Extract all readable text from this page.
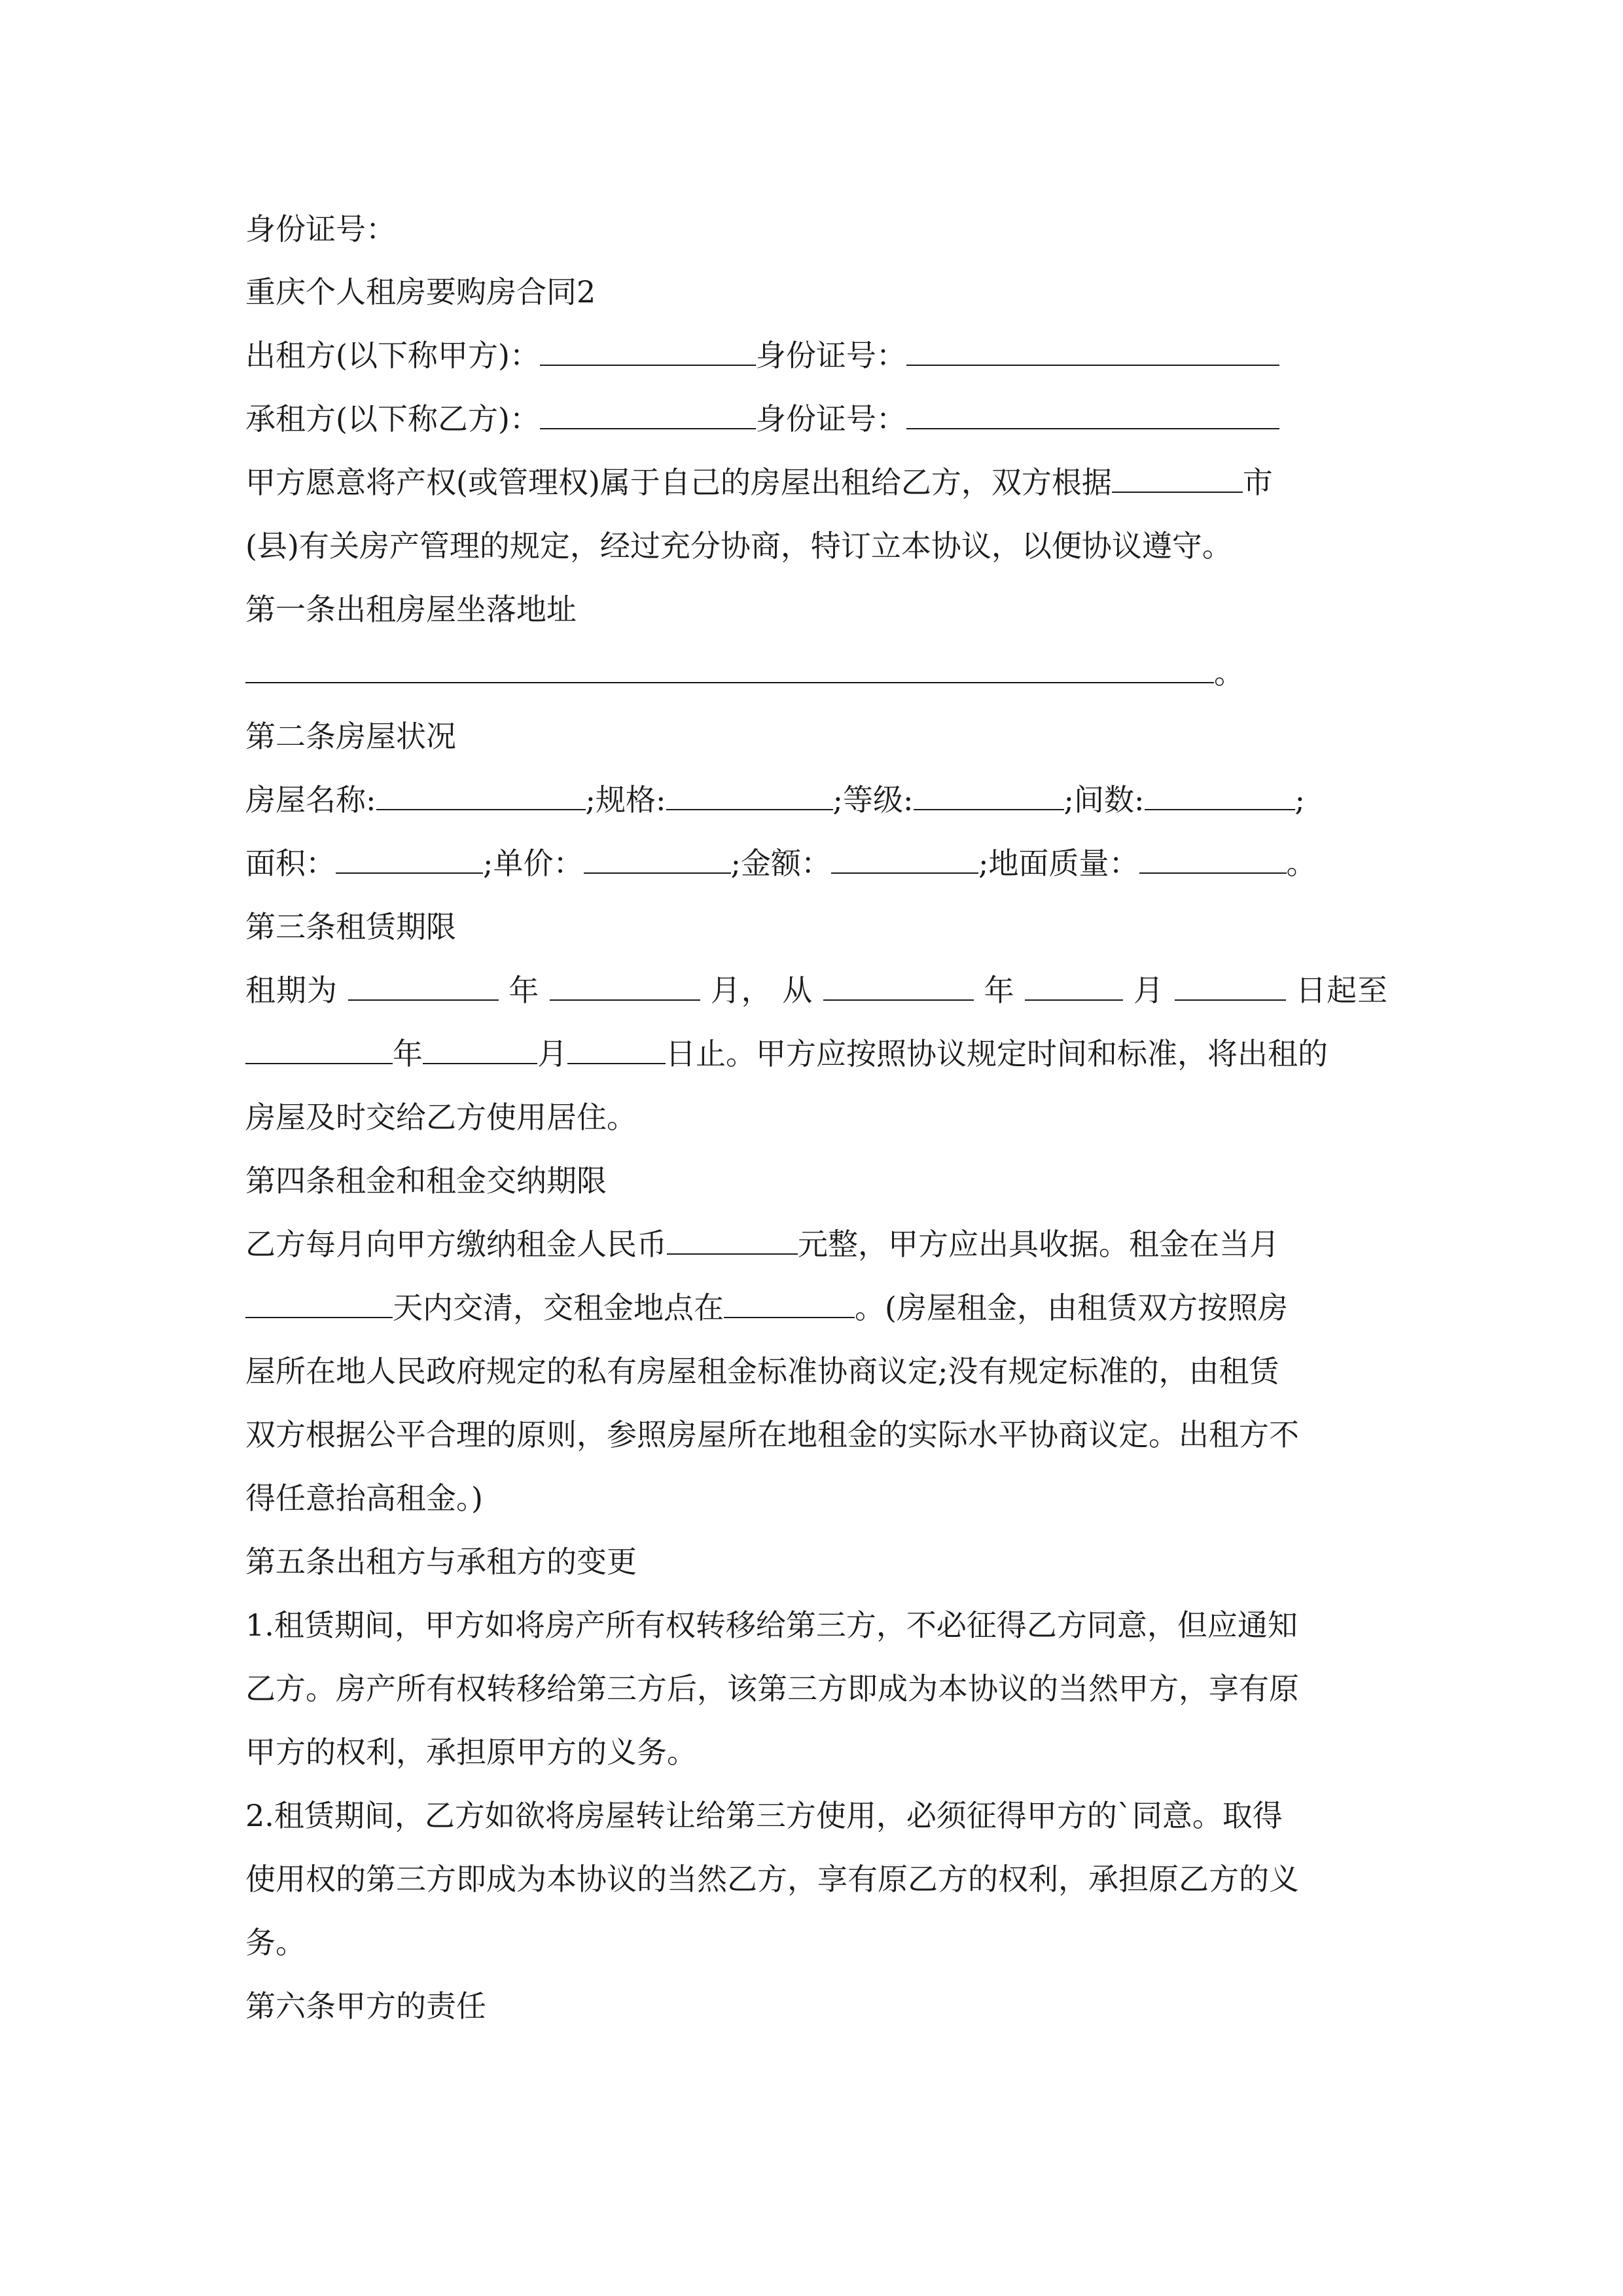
身份证号：
重庆个人租房要购房合同2
出租方(以下称甲方)：	身份证号：
承租方(以下称乙方)：	身份证号：
甲方愿意将产权(或管理权)属于自己的房屋出租给乙方，双方根据	市
(县)有关房产管理的规定，经过充分协商，特订立本协议，以便协议遵守。
第一条出租房屋坐落地址
。
第二条房屋状况
房屋名称:	;规格:	;等级:	;间数:	;
面积：	;单价：	;金额：	;地面质量：	。
第三条租赁期限
租期为	年	月， 从	年	月	日起至
年	月	日止。甲方应按照协议规定时间和标准，将出租的
房屋及时交给乙方使用居住。
第四条租金和租金交纳期限
乙方每月向甲方缴纳租金人民币	元整，甲方应出具收据。租金在当月
天内交清，交租金地点在	。(房屋租金，由租赁双方按照房
屋所在地人民政府规定的私有房屋租金标准协商议定;没有规定标准的，由租赁
双方根据公平合理的原则，参照房屋所在地租金的实际水平协商议定。出租方不
得任意抬高租金。)
第五条出租方与承租方的变更
1.租赁期间，甲方如将房产所有权转移给第三方，不必征得乙方同意，但应通知
乙方。房产所有权转移给第三方后，该第三方即成为本协议的当然甲方，享有原
甲方的权利，承担原甲方的义务。
2.租赁期间，乙方如欲将房屋转让给第三方使用，必须征得甲方的`同意。取得
使用权的第三方即成为本协议的当然乙方，享有原乙方的权利，承担原乙方的义
务。
第六条甲方的责任
